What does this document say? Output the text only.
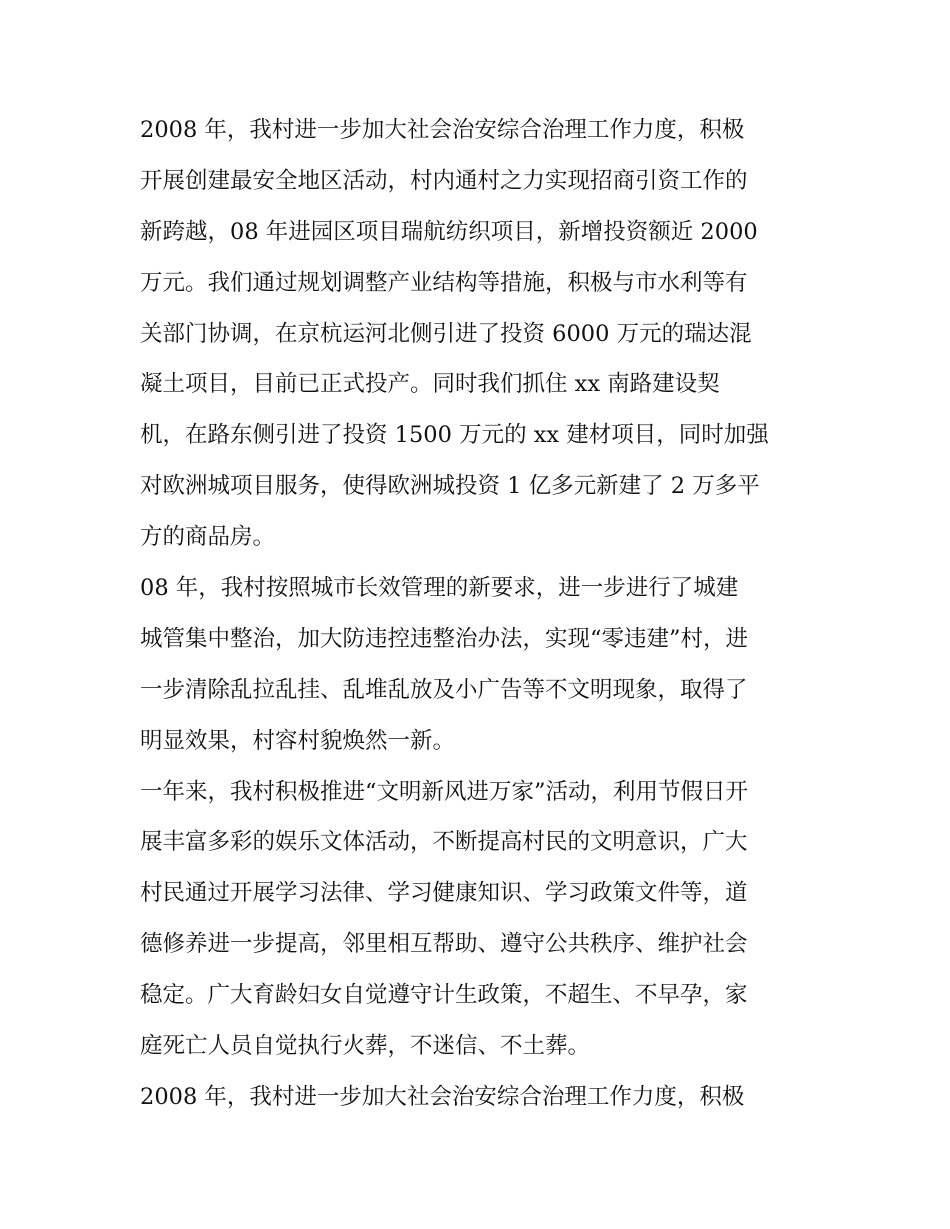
2008 年，我村进一步加大社会治安综合治理工作力度，积极
开展创建最安全地区活动，村内通村之力实现招商引资工作的
新跨越，08 年进园区项目瑞航纺织项目，新增投资额近 2000
万元。我们通过规划调整产业结构等措施，积极与市水利等有
关部门协调，在京杭运河北侧引进了投资 6000 万元的瑞达混
凝土项目，目前已正式投产。同时我们抓住 xx 南路建设契
机，在路东侧引进了投资 1500 万元的 xx 建材项目，同时加强
对欧洲城项目服务，使得欧洲城投资 1 亿多元新建了 2 万多平
方的商品房。
08 年，我村按照城市长效管理的新要求，进一步进行了城建
城管集中整治，加大防违控违整治办法，实现“零违建”村，进
一步清除乱拉乱挂、乱堆乱放及小广告等不文明现象，取得了
明显效果，村容村貌焕然一新。
一年来，我村积极推进“文明新风进万家”活动，利用节假日开
展丰富多彩的娱乐文体活动，不断提高村民的文明意识，广大
村民通过开展学习法律、学习健康知识、学习政策文件等，道
德修养进一步提高，邻里相互帮助、遵守公共秩序、维护社会
稳定。广大育龄妇女自觉遵守计生政策，不超生、不早孕，家
庭死亡人员自觉执行火葬，不迷信、不土葬。
2008 年，我村进一步加大社会治安综合治理工作力度，积极
